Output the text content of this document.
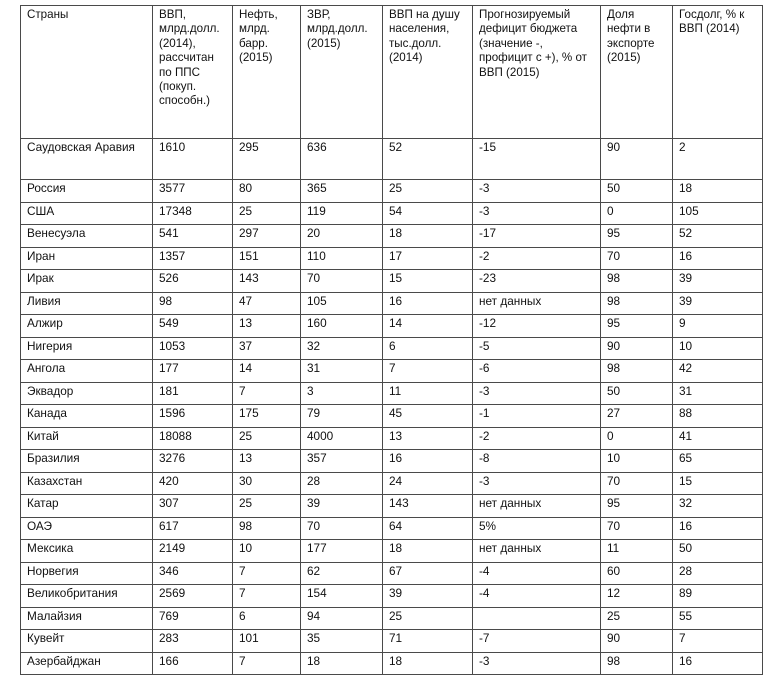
Страны	ВВП, млрд.долл. (2014), рассчитан по ППС (покуп. способн.)	Нефть, млрд. барр. (2015)	ЗВР, млрд.долл. (2015)	ВВП на душу населения, тыс.долл. (2014)	Прогнозируемый дефицит бюджета (значение -, профицит с +), % от ВВП (2015)	Доля нефти в экспорте (2015)	Госдолг, % к ВВП (2014)
Саудовская Аравия	1610	295	636	52	-15	90	2
Россия	3577	80	365	25	-3	50	18
США	17348	25	119	54	-3	0	105
Венесуэла	541	297	20	18	-17	95	52
Иран	1357	151	110	17	-2	70	16
Ирак	526	143	70	15	-23	98	39
Ливия	98	47	105	16	нет данных	98	39
Алжир	549	13	160	14	-12	95	9
Нигерия	1053	37	32	6	-5	90	10
Ангола	177	14	31	7	-6	98	42
Эквадор	181	7	3	11	-3	50	31
Канада	1596	175	79	45	-1	27	88
Китай	18088	25	4000	13	-2	0	41
Бразилия	3276	13	357	16	-8	10	65
Казахстан	420	30	28	24	-3	70	15
Катар	307	25	39	143	нет данных	95	32
ОАЭ	617	98	70	64	5%	70	16
Мексика	2149	10	177	18	нет данных	11	50
Норвегия	346	7	62	67	-4	60	28
Великобритания	2569	7	154	39	-4	12	89
Малайзия	769	6	94	25		25	55
Кувейт	283	101	35	71	-7	90	7
Азербайджан	166	7	18	18	-3	98	16
